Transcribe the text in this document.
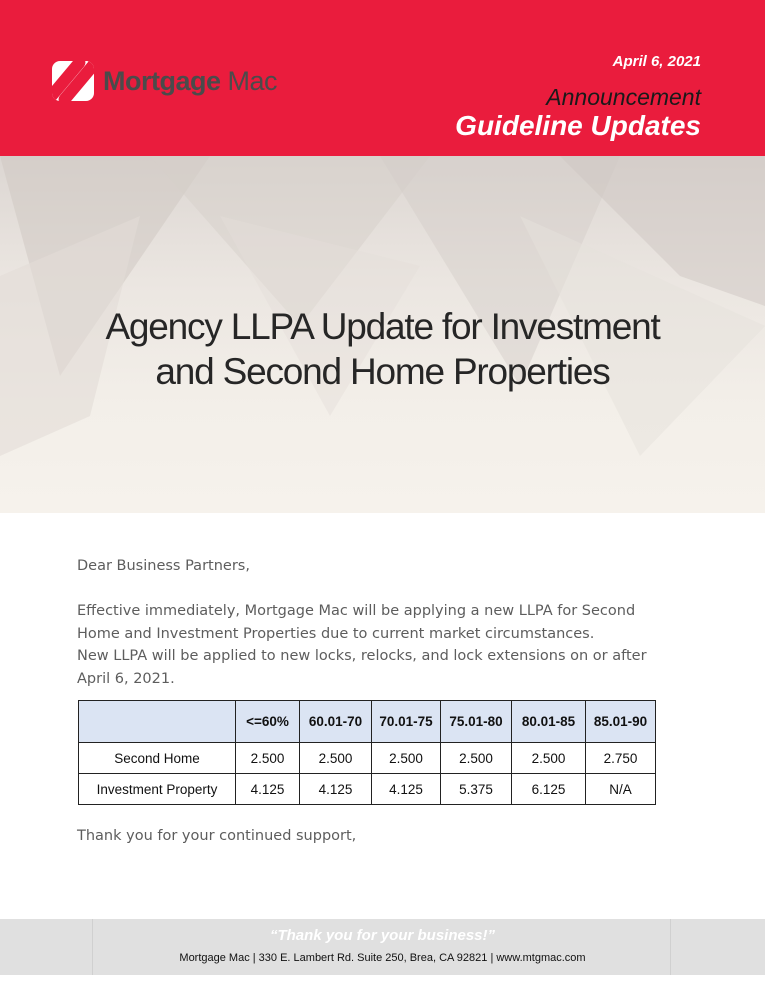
Mortgage Mac
April 6, 2021
Announcement
Guideline Updates
Agency LLPA Update for Investment
and Second Home Properties
Dear Business Partners,
Effective immediately, Mortgage Mac will be applying a new LLPA for Second
Home and Investment Properties due to current market circumstances.
New LLPA will be applied to new locks, relocks, and lock extensions on or after
April 6, 2021.
	<=60%	60.01-70	70.01-75	75.01-80	80.01-85	85.01-90
Second Home	2.500	2.500	2.500	2.500	2.500	2.750
Investment Property	4.125	4.125	4.125	5.375	6.125	N/A
Thank you for your continued support,
“Thank you for your business!”
Mortgage Mac | 330 E. Lambert Rd. Suite 250, Brea, CA 92821 | www.mtgmac.com
